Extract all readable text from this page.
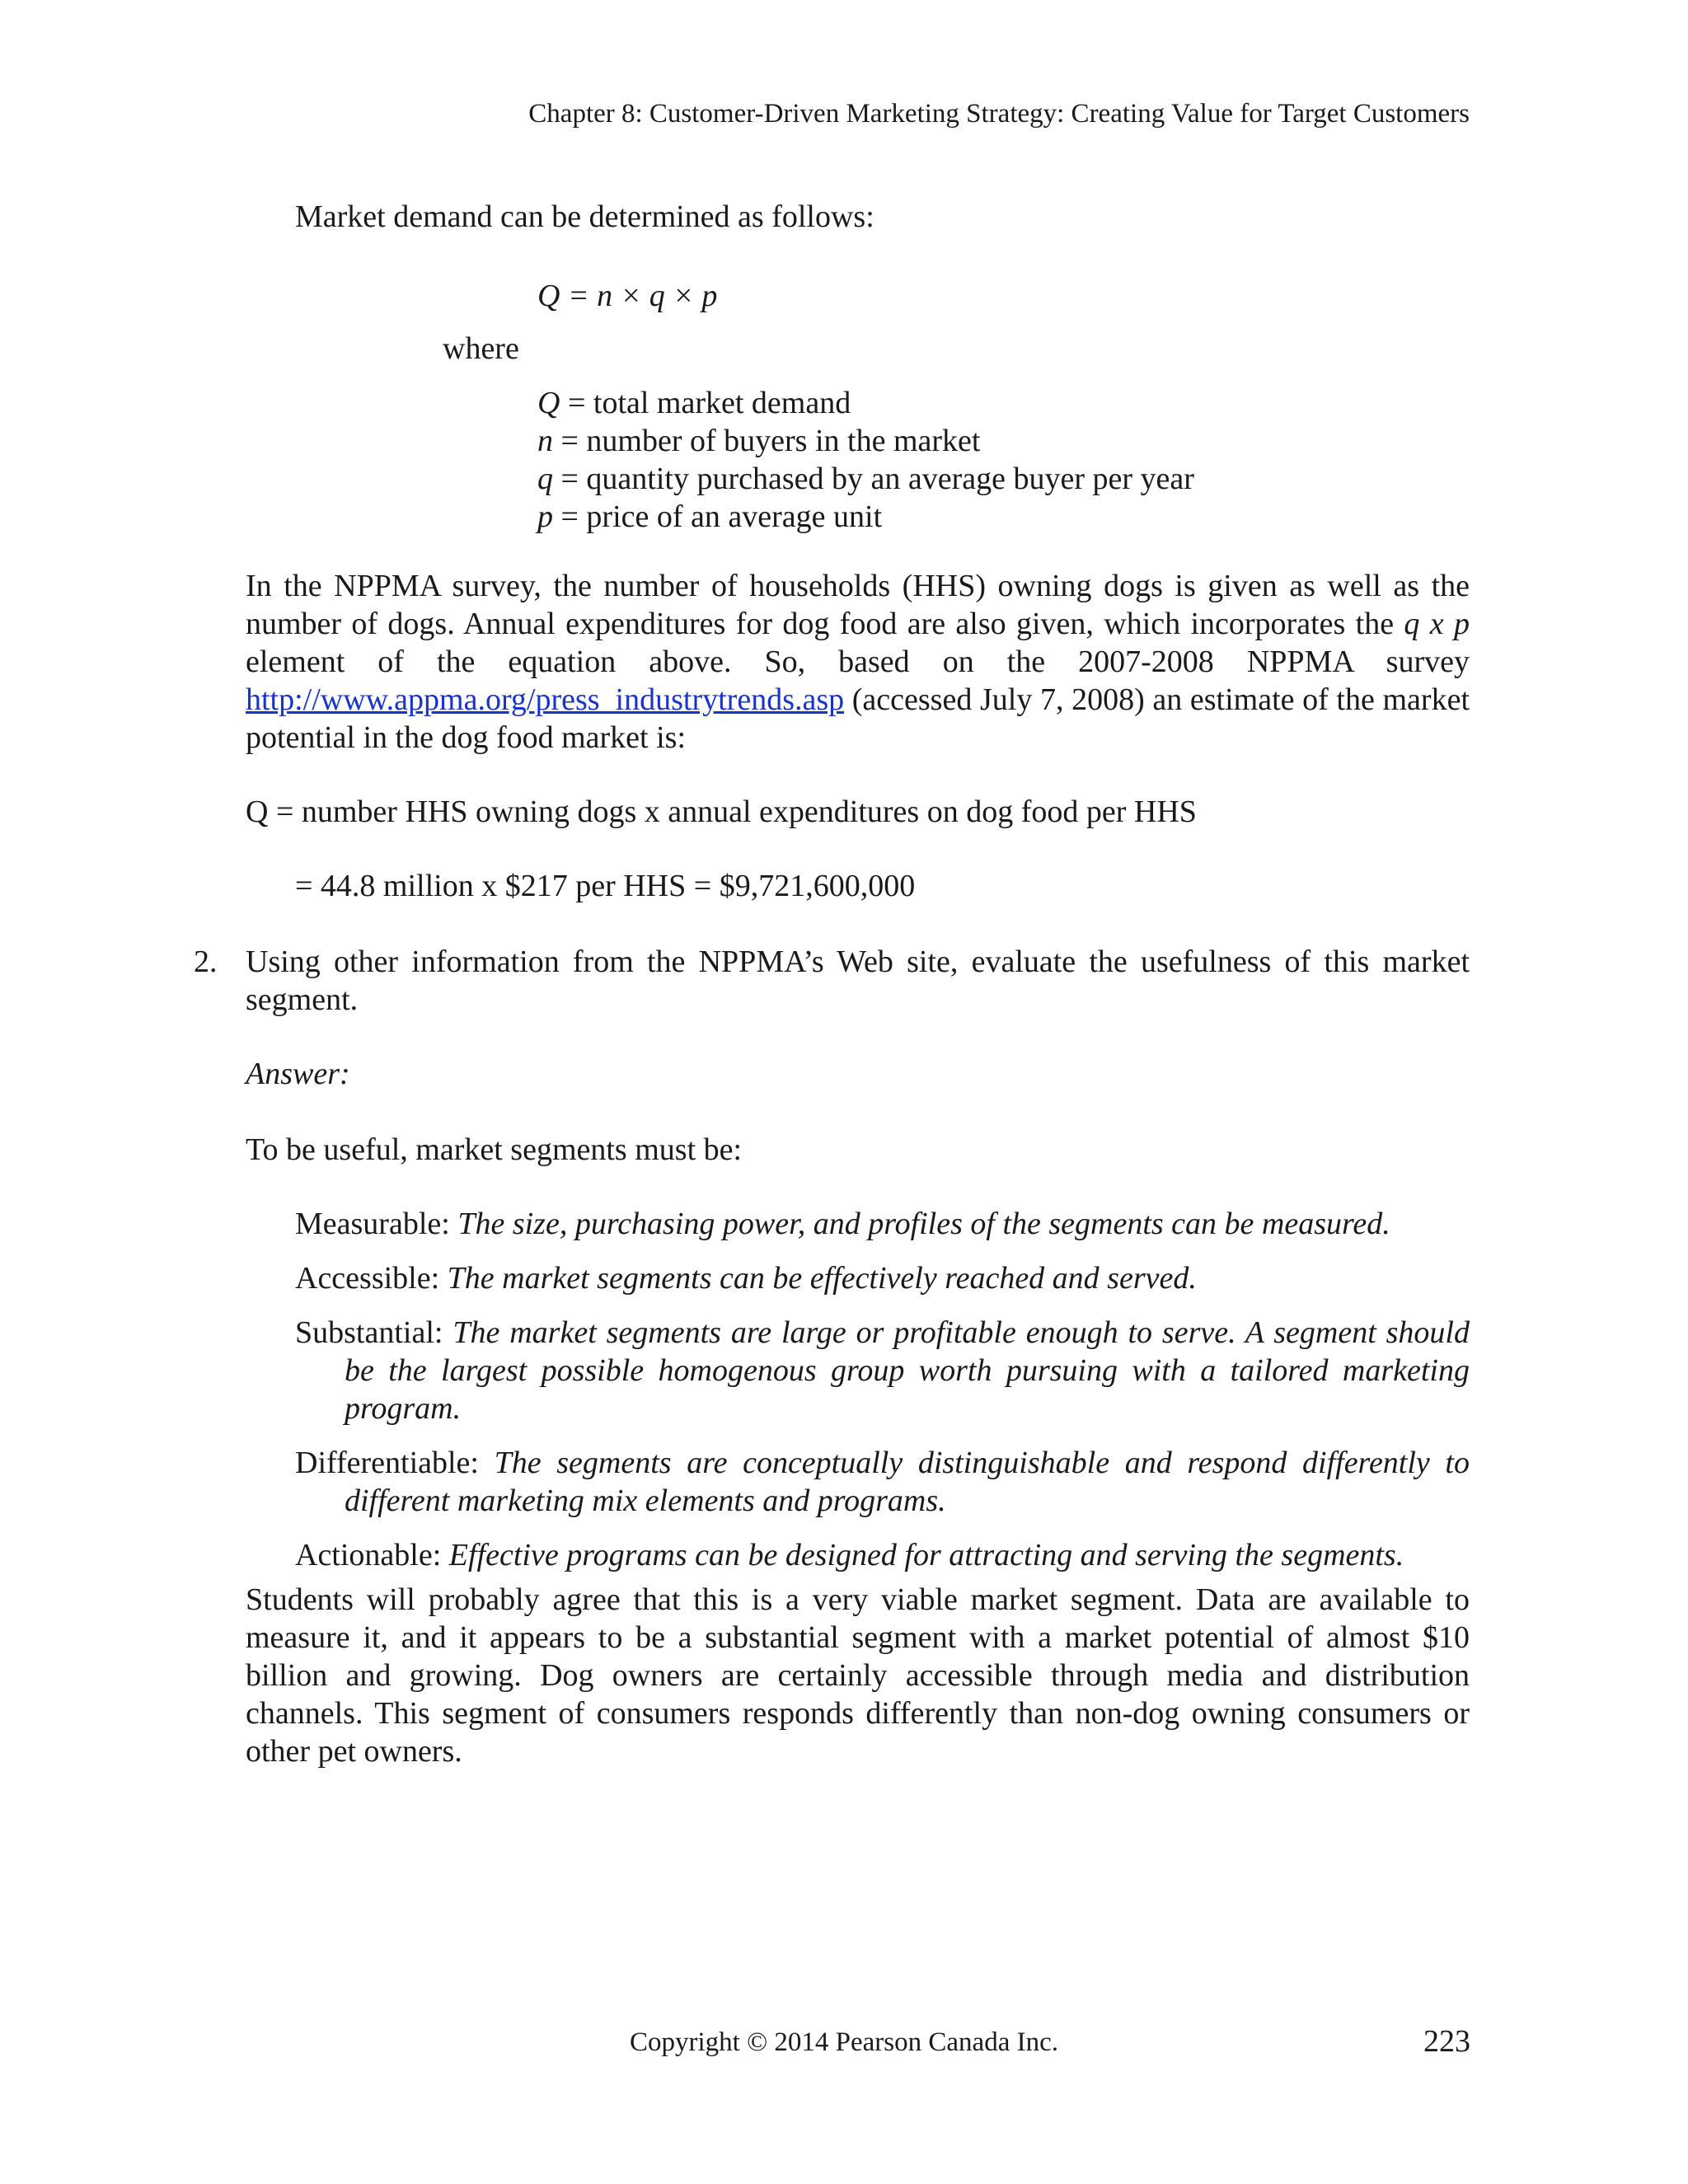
Chapter 8: Customer-Driven Marketing Strategy: Creating Value for Target Customers
Market demand can be determined as follows:
Q = n × q × p
where
Q = total market demand
n = number of buyers in the market
q = quantity purchased by an average buyer per year
p = price of an average unit
In the NPPMA survey, the number of households (HHS) owning dogs is given as well as the number of dogs. Annual expenditures for dog food are also given, which incorporates the q x p element of the equation above. So, based on the 2007-2008 NPPMA survey http://www.appma.org/press_industrytrends.asp (accessed July 7, 2008) an estimate of the market potential in the dog food market is:
Q = number HHS owning dogs x annual expenditures on dog food per HHS
= 44.8 million x $217 per HHS = $9,721,600,000
2. Using other information from the NPPMA’s Web site, evaluate the usefulness of this market segment.
Answer:
To be useful, market segments must be:
Measurable: The size, purchasing power, and profiles of the segments can be measured.
Accessible: The market segments can be effectively reached and served.
Substantial: The market segments are large or profitable enough to serve. A segment should be the largest possible homogenous group worth pursuing with a tailored marketing program.
Differentiable: The segments are conceptually distinguishable and respond differently to different marketing mix elements and programs.
Actionable: Effective programs can be designed for attracting and serving the segments.
Students will probably agree that this is a very viable market segment. Data are available to measure it, and it appears to be a substantial segment with a market potential of almost $10 billion and growing. Dog owners are certainly accessible through media and distribution channels. This segment of consumers responds differently than non-dog owning consumers or other pet owners.
Copyright © 2014 Pearson Canada Inc.	223
